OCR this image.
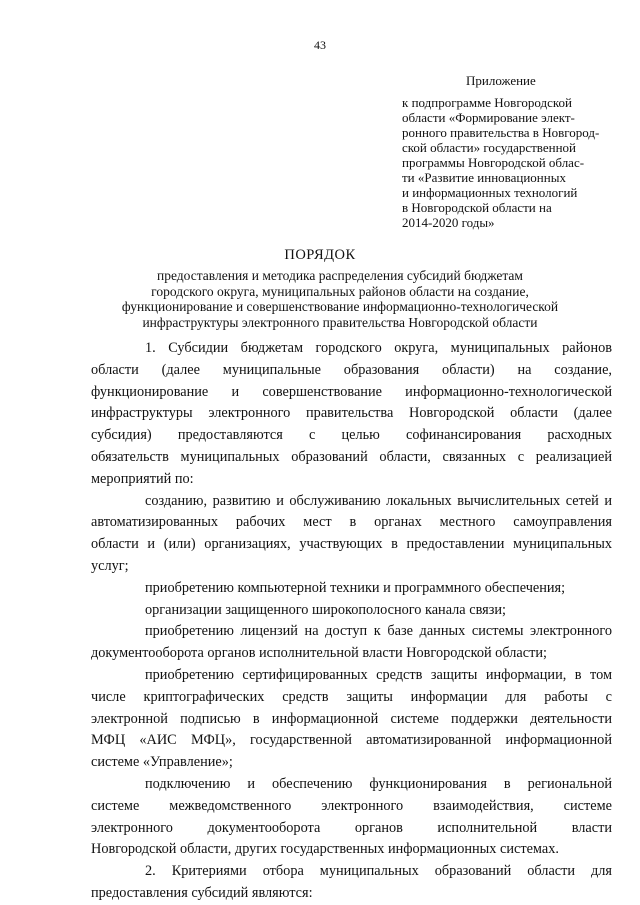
43
Приложение
к подпрограмме Новгородской
области «Формирование элект-
ронного правительства в Новгород-
ской области» государственной
программы Новгородской облас-
ти «Развитие инновационных
и информационных технологий
в Новгородской области на
2014-2020 годы»
ПОРЯДОК
предоставления и методика распределения субсидий бюджетам
городского округа, муниципальных районов области на создание,
функционирование и совершенствование информационно-технологической
инфраструктуры электронного правительства Новгородской области
1. Субсидии бюджетам городского округа, муниципальных районов
области (далее муниципальные образования области) на создание,
функционирование и совершенствование информационно-технологической
инфраструктуры электронного правительства Новгородской области (далее
субсидия) предоставляются с целью софинансирования расходных
обязательств муниципальных образований области, связанных с реализацией
мероприятий по:
созданию, развитию и обслуживанию локальных вычислительных сетей и
автоматизированных рабочих мест в органах местного самоуправления
области и (или) организациях, участвующих в предоставлении муниципальных
услуг;
приобретению компьютерной техники и программного обеспечения;
организации защищенного широкополосного канала связи;
приобретению лицензий на доступ к базе данных системы электронного
документооборота органов исполнительной власти Новгородской области;
приобретению сертифицированных средств защиты информации, в том
числе криптографических средств защиты информации для работы с
электронной подписью в информационной системе поддержки деятельности
МФЦ «АИС МФЦ», государственной автоматизированной информационной
системе «Управление»;
подключению и обеспечению функционирования в региональной
системе межведомственного электронного взаимодействия, системе
электронного документооборота органов исполнительной власти
Новгородской области, других государственных информационных системах.
2. Критериями отбора муниципальных образований области для
предоставления субсидий являются:
